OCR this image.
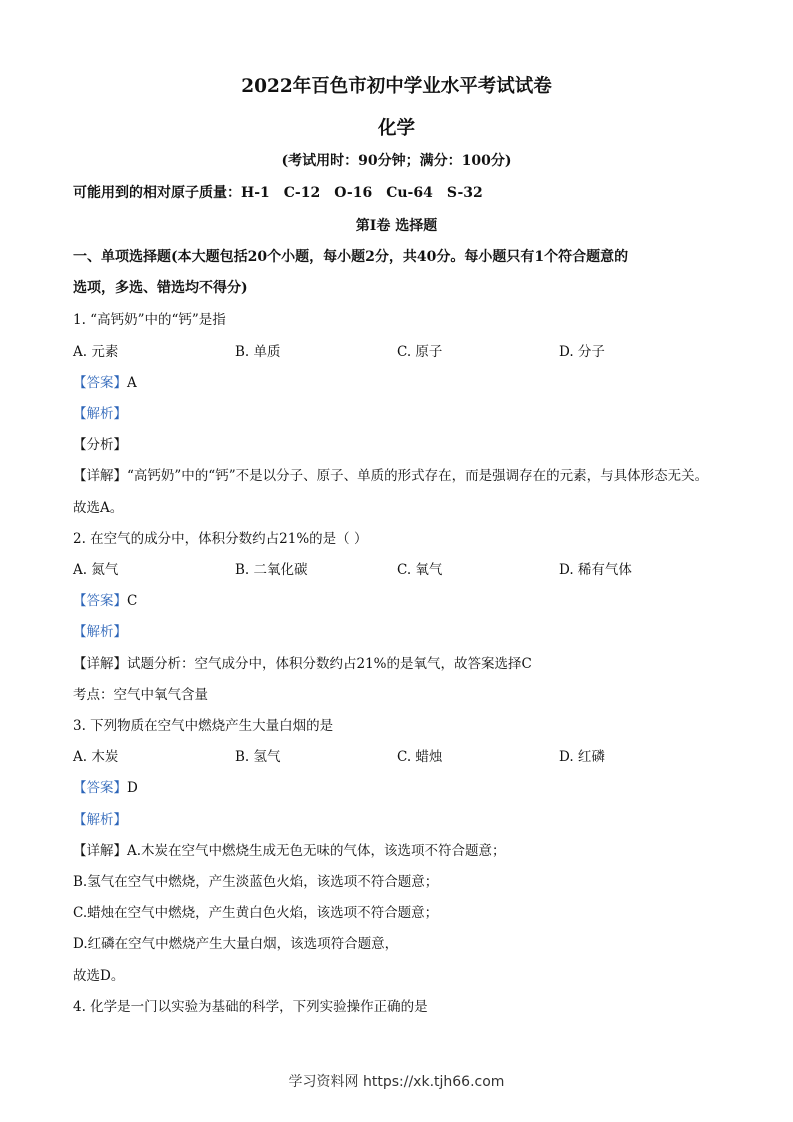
2022年百色市初中学业水平考试试卷
化学
(考试用时：90分钟；满分：100分)
可能用到的相对原子质量：H-1　C-12　O-16　Cu-64　S-32
第Ⅰ卷 选择题
一、单项选择题(本大题包括20个小题，每小题2分，共40分。每小题只有1个符合题意的
选项，多选、错选均不得分)
1. “高钙奶”中的“钙”是指
A. 元素	B. 单质	C. 原子	D. 分子
【答案】A
【解析】
【分析】
【详解】“高钙奶”中的“钙”不是以分子、原子、单质的形式存在，而是强调存在的元素，与具体形态无关。
故选A。
2. 在空气的成分中，体积分数约占21%的是（ ）
A. 氮气	B. 二氧化碳	C. 氧气	D. 稀有气体
【答案】C
【解析】
【详解】试题分析：空气成分中，体积分数约占21%的是氧气，故答案选择C
考点：空气中氧气含量
3. 下列物质在空气中燃烧产生大量白烟的是
A. 木炭	B. 氢气	C. 蜡烛	D. 红磷
【答案】D
【解析】
【详解】A.木炭在空气中燃烧生成无色无味的气体，该选项不符合题意；
B.氢气在空气中燃烧，产生淡蓝色火焰，该选项不符合题意；
C.蜡烛在空气中燃烧，产生黄白色火焰，该选项不符合题意；
D.红磷在空气中燃烧产生大量白烟，该选项符合题意，
故选D。
4. 化学是一门以实验为基础的科学，下列实验操作正确的是
学习资料网 https://xk.tjh66.com
